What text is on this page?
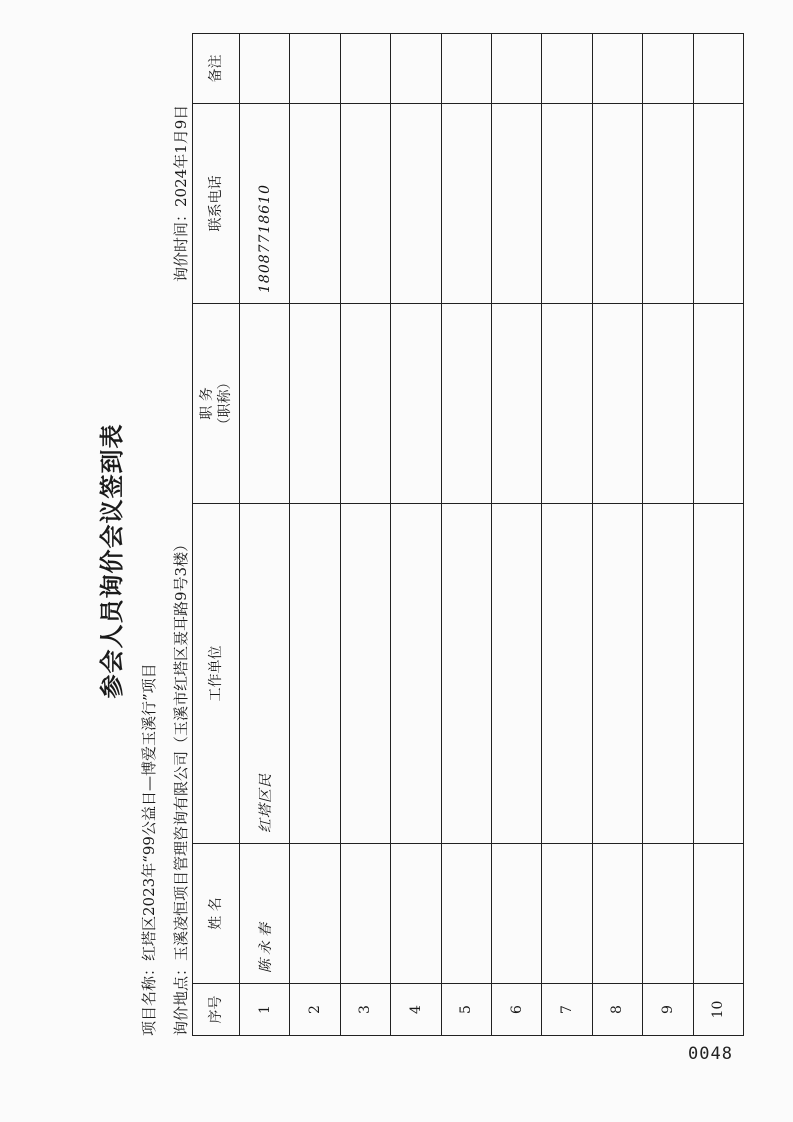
参会人员询价会议签到表
项目名称：红塔区2023年“99公益日—博爱玉溪行”项目
询价地点：玉溪凌恒项目管理咨询有限公司（玉溪市红塔区聂耳路9号3楼）
询价时间：2024年1月9日
序号	姓 名	工作单位	职 务 （职称）	联系电话	备注
1	陈永春	红塔区民		18087718610	
2					
3					
4					
5					
6					
7					
8					
9					
10					
0048
